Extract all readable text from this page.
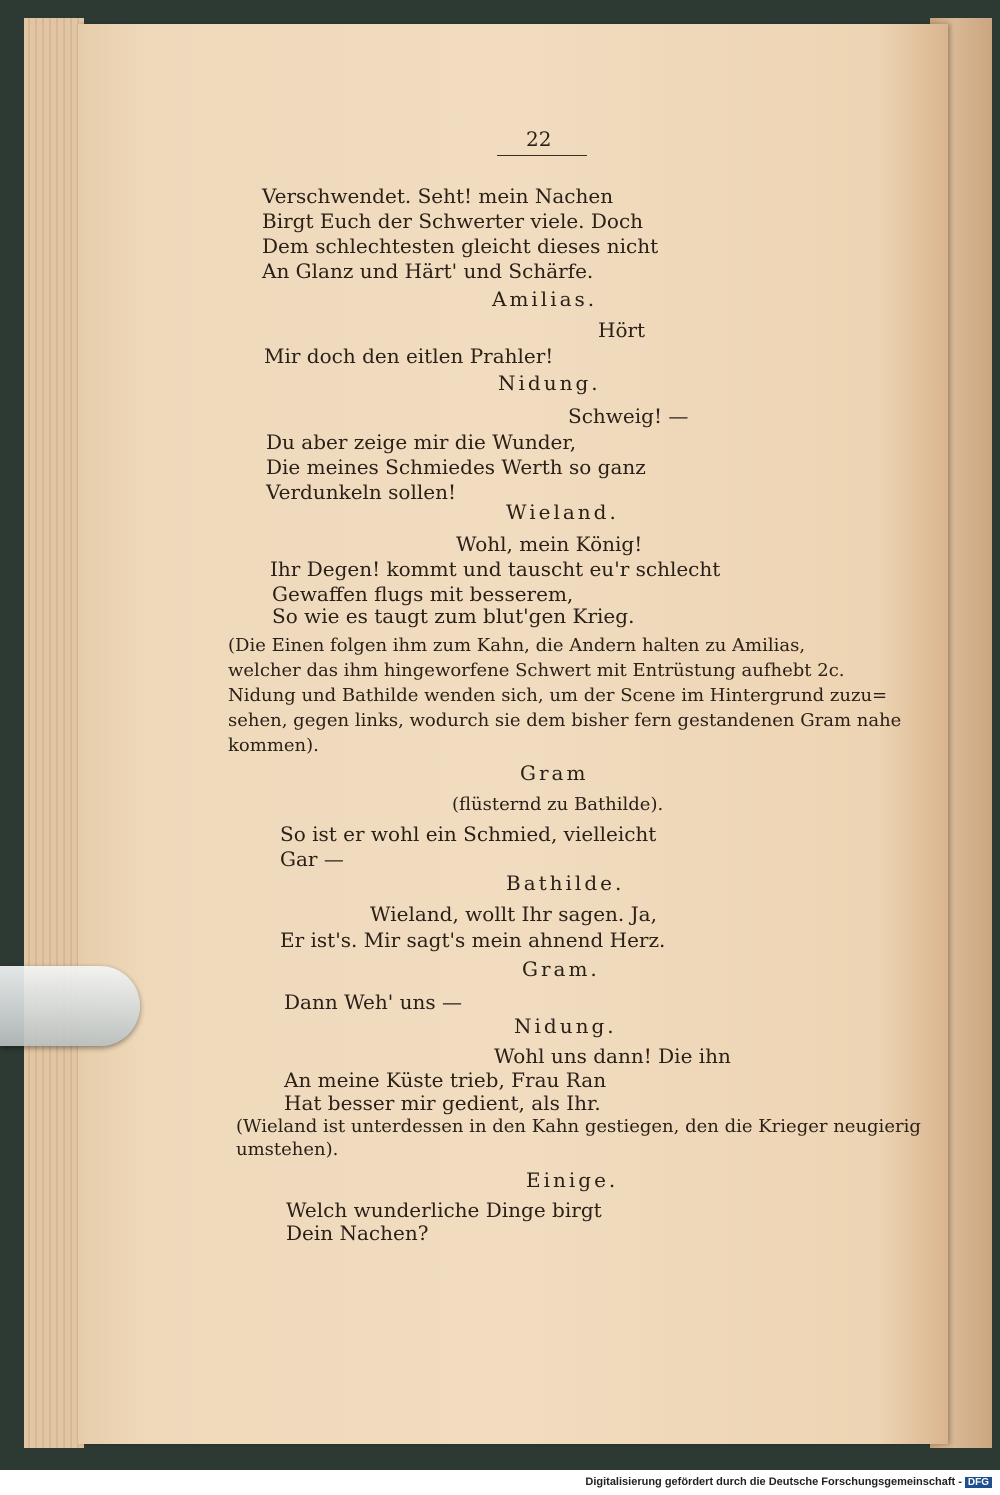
22
Verschwendet. Seht! mein Nachen
Birgt Euch der Schwerter viele. Doch
Dem schlechtesten gleicht dieses nicht
An Glanz und Härt' und Schärfe.
Amilias.
Hört
Mir doch den eitlen Prahler!
Nidung.
Schweig! —
Du aber zeige mir die Wunder,
Die meines Schmiedes Werth so ganz
Verdunkeln sollen!
Wieland.
Wohl, mein König!
Ihr Degen! kommt und tauscht eu'r schlecht
Gewaffen flugs mit besserem,
So wie es taugt zum blut'gen Krieg.
(Die Einen folgen ihm zum Kahn, die Andern halten zu Amilias,
welcher das ihm hingeworfene Schwert mit Entrüstung aufhebt 2c.
Nidung und Bathilde wenden sich, um der Scene im Hintergrund zuzu=
sehen, gegen links, wodurch sie dem bisher fern gestandenen Gram nahe
kommen).
Gram
(flüsternd zu Bathilde).
So ist er wohl ein Schmied, vielleicht
Gar —
Bathilde.
Wieland, wollt Ihr sagen. Ja,
Er ist's. Mir sagt's mein ahnend Herz.
Gram.
Dann Weh' uns —
Nidung.
Wohl uns dann! Die ihn
An meine Küste trieb, Frau Ran
Hat besser mir gedient, als Ihr.
(Wieland ist unterdessen in den Kahn gestiegen, den die Krieger neugierig
umstehen).
Einige.
Welch wunderliche Dinge birgt
Dein Nachen?
Digitalisierung gefördert durch die Deutsche Forschungsgemeinschaft - DFG
